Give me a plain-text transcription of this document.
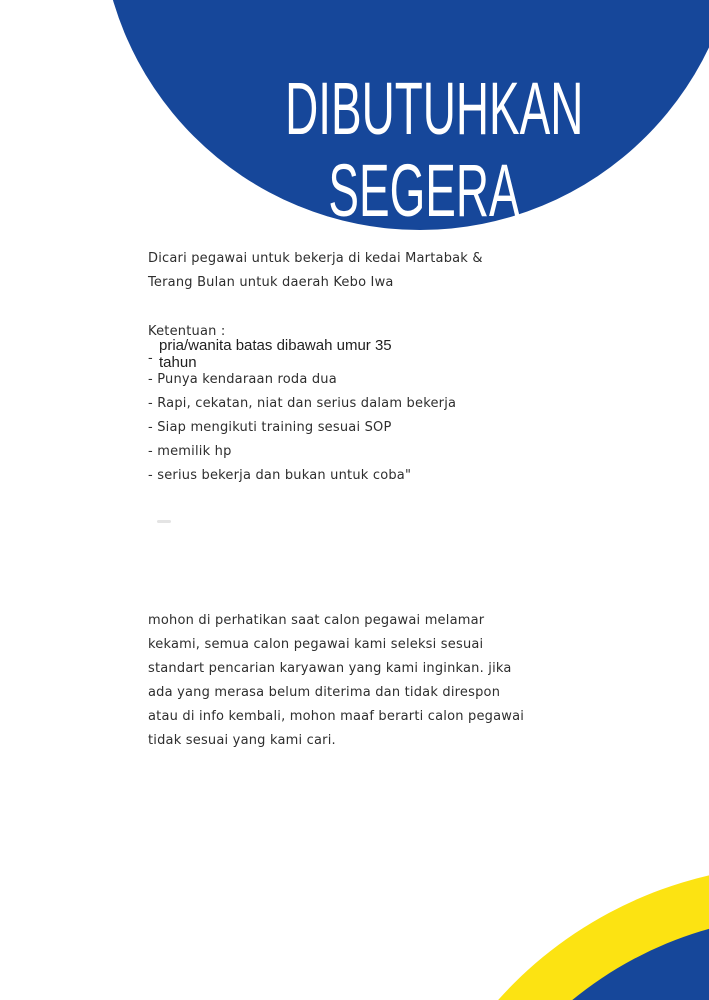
DIBUTUHKAN
SEGERA
Dicari pegawai untuk bekerja di kedai Martabak &
Terang Bulan untuk daerah Kebo Iwa
Ketentuan :
-
pria/wanita batas dibawah umur 35
tahun
- Punya kendaraan roda dua
- Rapi, cekatan, niat dan serius dalam bekerja
- Siap mengikuti training sesuai SOP
- memilik hp
- serius bekerja dan bukan untuk coba"
mohon di perhatikan saat calon pegawai melamar
kekami, semua calon pegawai kami seleksi sesuai
standart pencarian karyawan yang kami inginkan. jika
ada yang merasa belum diterima dan tidak direspon
atau di info kembali, mohon maaf berarti calon pegawai
tidak sesuai yang kami cari.
